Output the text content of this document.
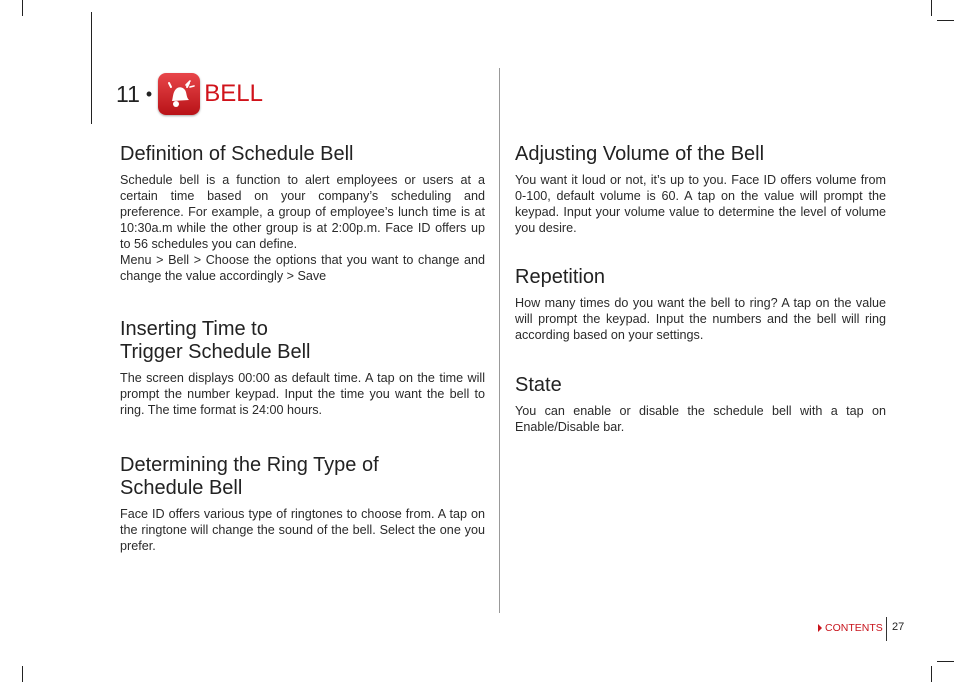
11 • BELL
Definition of Schedule Bell

Schedule bell is a function to alert employees or users at a certain time based on your company’s scheduling and preference. For example, a group of employee’s lunch time is at 10:30a.m while the other group is at 2:00p.m. Face ID offers up to 56 schedules you can define.

Menu > Bell > Choose the options that you want to change and change the value accordingly > Save

Inserting Time to
Trigger Schedule Bell

The screen displays 00:00 as default time. A tap on the time will prompt the number keypad. Input the time you want the bell to ring. The time format is 24:00 hours.

Determining the Ring Type of
Schedule Bell

Face ID offers various type of ringtones to choose from. A tap on the ringtone will change the sound of the bell. Select the one you prefer.

Adjusting Volume of the Bell

You want it loud or not, it’s up to you. Face ID offers volume from 0-100, default volume is 60. A tap on the value will prompt the keypad. Input your volume value to determine the level of volume you desire.

Repetition

How many times do you want the bell to ring? A tap on the value will prompt the keypad. Input the numbers and the bell will ring according based on your settings.

State

You can enable or disable the schedule bell with a tap on Enable/Disable bar.

CONTENTS 27
